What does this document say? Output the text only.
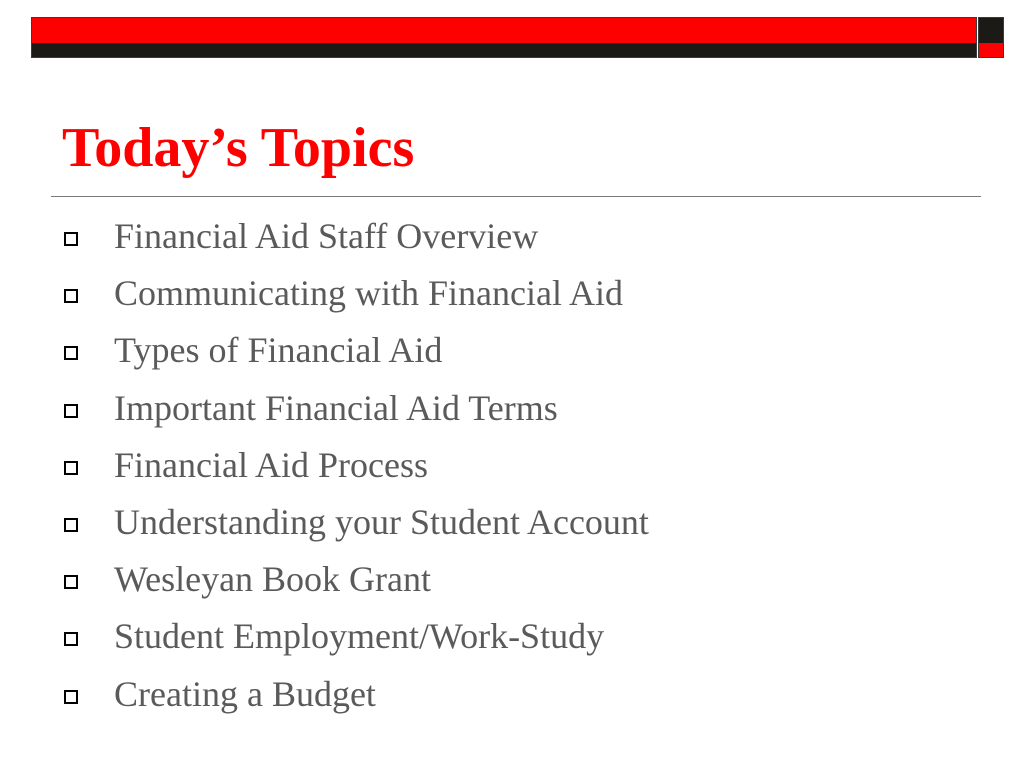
Today’s Topics
Financial Aid Staff Overview
Communicating with Financial Aid
Types of Financial Aid
Important Financial Aid Terms
Financial Aid Process
Understanding your Student Account
Wesleyan Book Grant
Student Employment/Work-Study
Creating a Budget
